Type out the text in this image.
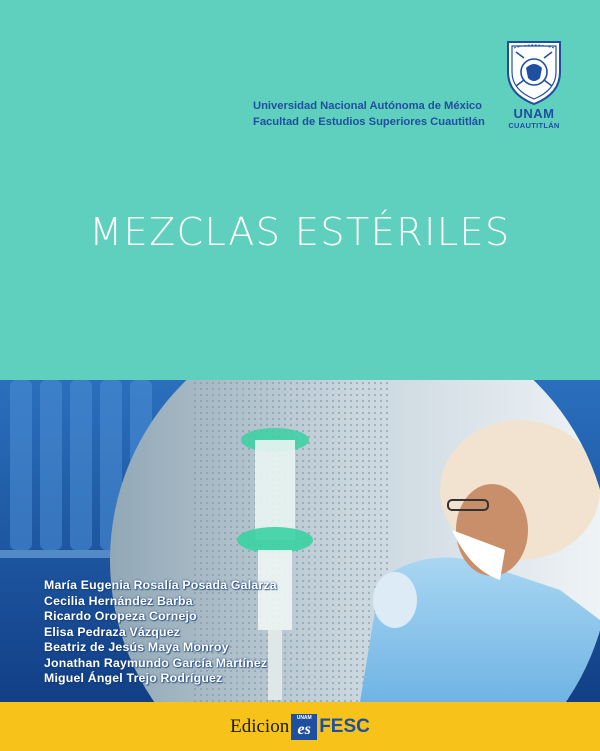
Universidad Nacional Autónoma de México
Facultad de Estudios Superiores Cuautitlán
UNAM
CUAUTITLÁN
MEZCLAS ESTÉRILES
María Eugenia Rosalía Posada Galarza
Cecilia Hernández Barba
Ricardo Oropeza Cornejo
Elisa Pedraza Vázquez
Beatriz de Jesús Maya Monroy
Jonathan Raymundo García Martínez
Miguel Ángel Trejo Rodríguez
Edicion	UNAM
es FESC
